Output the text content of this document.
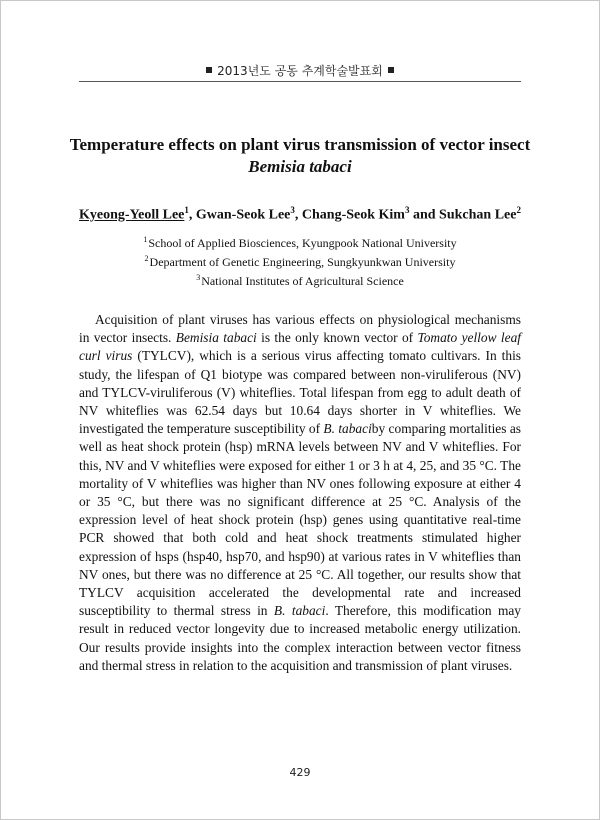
2013년도 공동 추계학술발표회
Temperature effects on plant virus transmission of vector insect
Bemisia tabaci
Kyeong-Yeoll Lee$^1$, Gwan-Seok Lee$^3$, Chang-Seok Kim$^3$ and Sukchan Lee$^2$
$^1$School of Applied Biosciences, Kyungpook National University
$^2$Department of Genetic Engineering, Sungkyunkwan University
$^3$National Institutes of Agricultural Science
Acquisition of plant viruses has various effects on physiological mechanisms in vector insects. Bemisia tabaci is the only known vector of Tomato yellow leaf curl virus (TYLCV), which is a serious virus affecting tomato cultivars. In this study, the lifespan of Q1 biotype was compared between non-viruliferous (NV) and TYLCV-viruliferous (V) whiteflies. Total lifespan from egg to adult death of NV whiteflies was 62.54 days but 10.64 days shorter in V whiteflies. We investigated the temperature susceptibility of B. tabaciby comparing mortalities as well as heat shock protein (hsp) mRNA levels between NV and V whiteflies. For this, NV and V whiteflies were exposed for either 1 or 3 h at 4, 25, and 35 °C. The mortality of V whiteflies was higher than NV ones following exposure at either 4 or 35 °C, but there was no significant difference at 25 °C. Analysis of the expression level of heat shock protein (hsp) genes using quantitative real-time PCR showed that both cold and heat shock treatments stimulated higher expression of hsps (hsp40, hsp70, and hsp90) at various rates in V whiteflies than NV ones, but there was no difference at 25 °C. All together, our results show that TYLCV acquisition accelerated the developmental rate and increased susceptibility to thermal stress in B. tabaci. Therefore, this modification may result in reduced vector longevity due to increased metabolic energy utilization. Our results provide insights into the complex interaction between vector fitness and thermal stress in relation to the acquisition and transmission of plant viruses.
429
